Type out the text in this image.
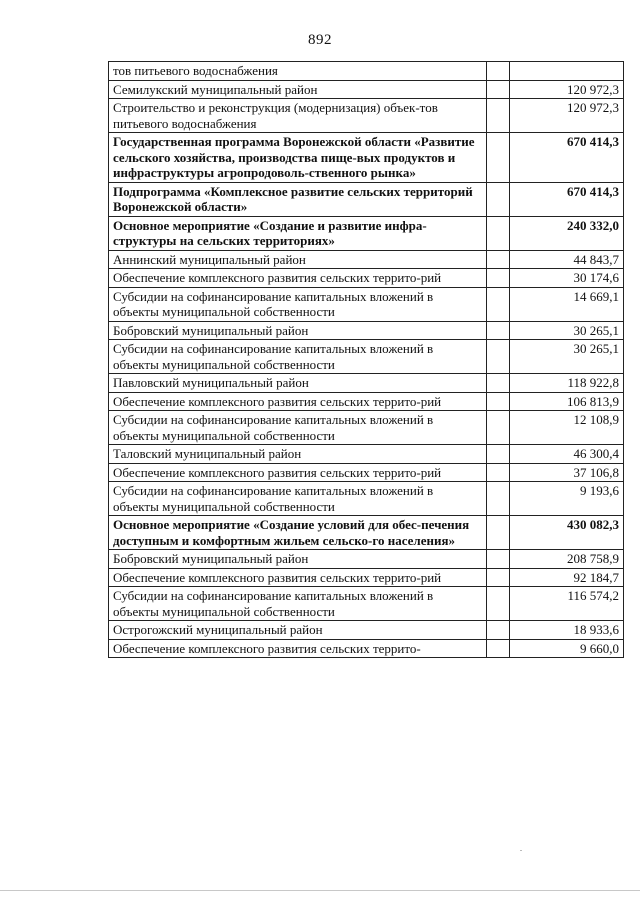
892
тов питьевого водоснабжения		
Семилукский муниципальный район		120 972,3
Строительство и реконструкция (модернизация) объек-тов питьевого водоснабжения		120 972,3
Государственная программа Воронежской области «Развитие сельского хозяйства, производства пище-вых продуктов и инфраструктуры агропродоволь-ственного рынка»		670 414,3
Подпрограмма «Комплексное развитие сельских территорий Воронежской области»		670 414,3
Основное мероприятие «Создание и развитие инфра-структуры на сельских территориях»		240 332,0
Аннинский муниципальный район		44 843,7
Обеспечение комплексного развития сельских террито-рий		30 174,6
Субсидии на софинансирование капитальных вложений в объекты муниципальной собственности		14 669,1
Бобровский муниципальный район		30 265,1
Субсидии на софинансирование капитальных вложений в объекты муниципальной собственности		30 265,1
Павловский муниципальный район		118 922,8
Обеспечение комплексного развития сельских террито-рий		106 813,9
Субсидии на софинансирование капитальных вложений в объекты муниципальной собственности		12 108,9
Таловский муниципальный район		46 300,4
Обеспечение комплексного развития сельских террито-рий		37 106,8
Субсидии на софинансирование капитальных вложений в объекты муниципальной собственности		9 193,6
Основное мероприятие «Создание условий для обес-печения доступным и комфортным жильем сельско-го населения»		430 082,3
Бобровский муниципальный район		208 758,9
Обеспечение комплексного развития сельских террито-рий		92 184,7
Субсидии на софинансирование капитальных вложений в объекты муниципальной собственности		116 574,2
Острогожский муниципальный район		18 933,6
Обеспечение комплексного развития сельских террито-		9 660,0
